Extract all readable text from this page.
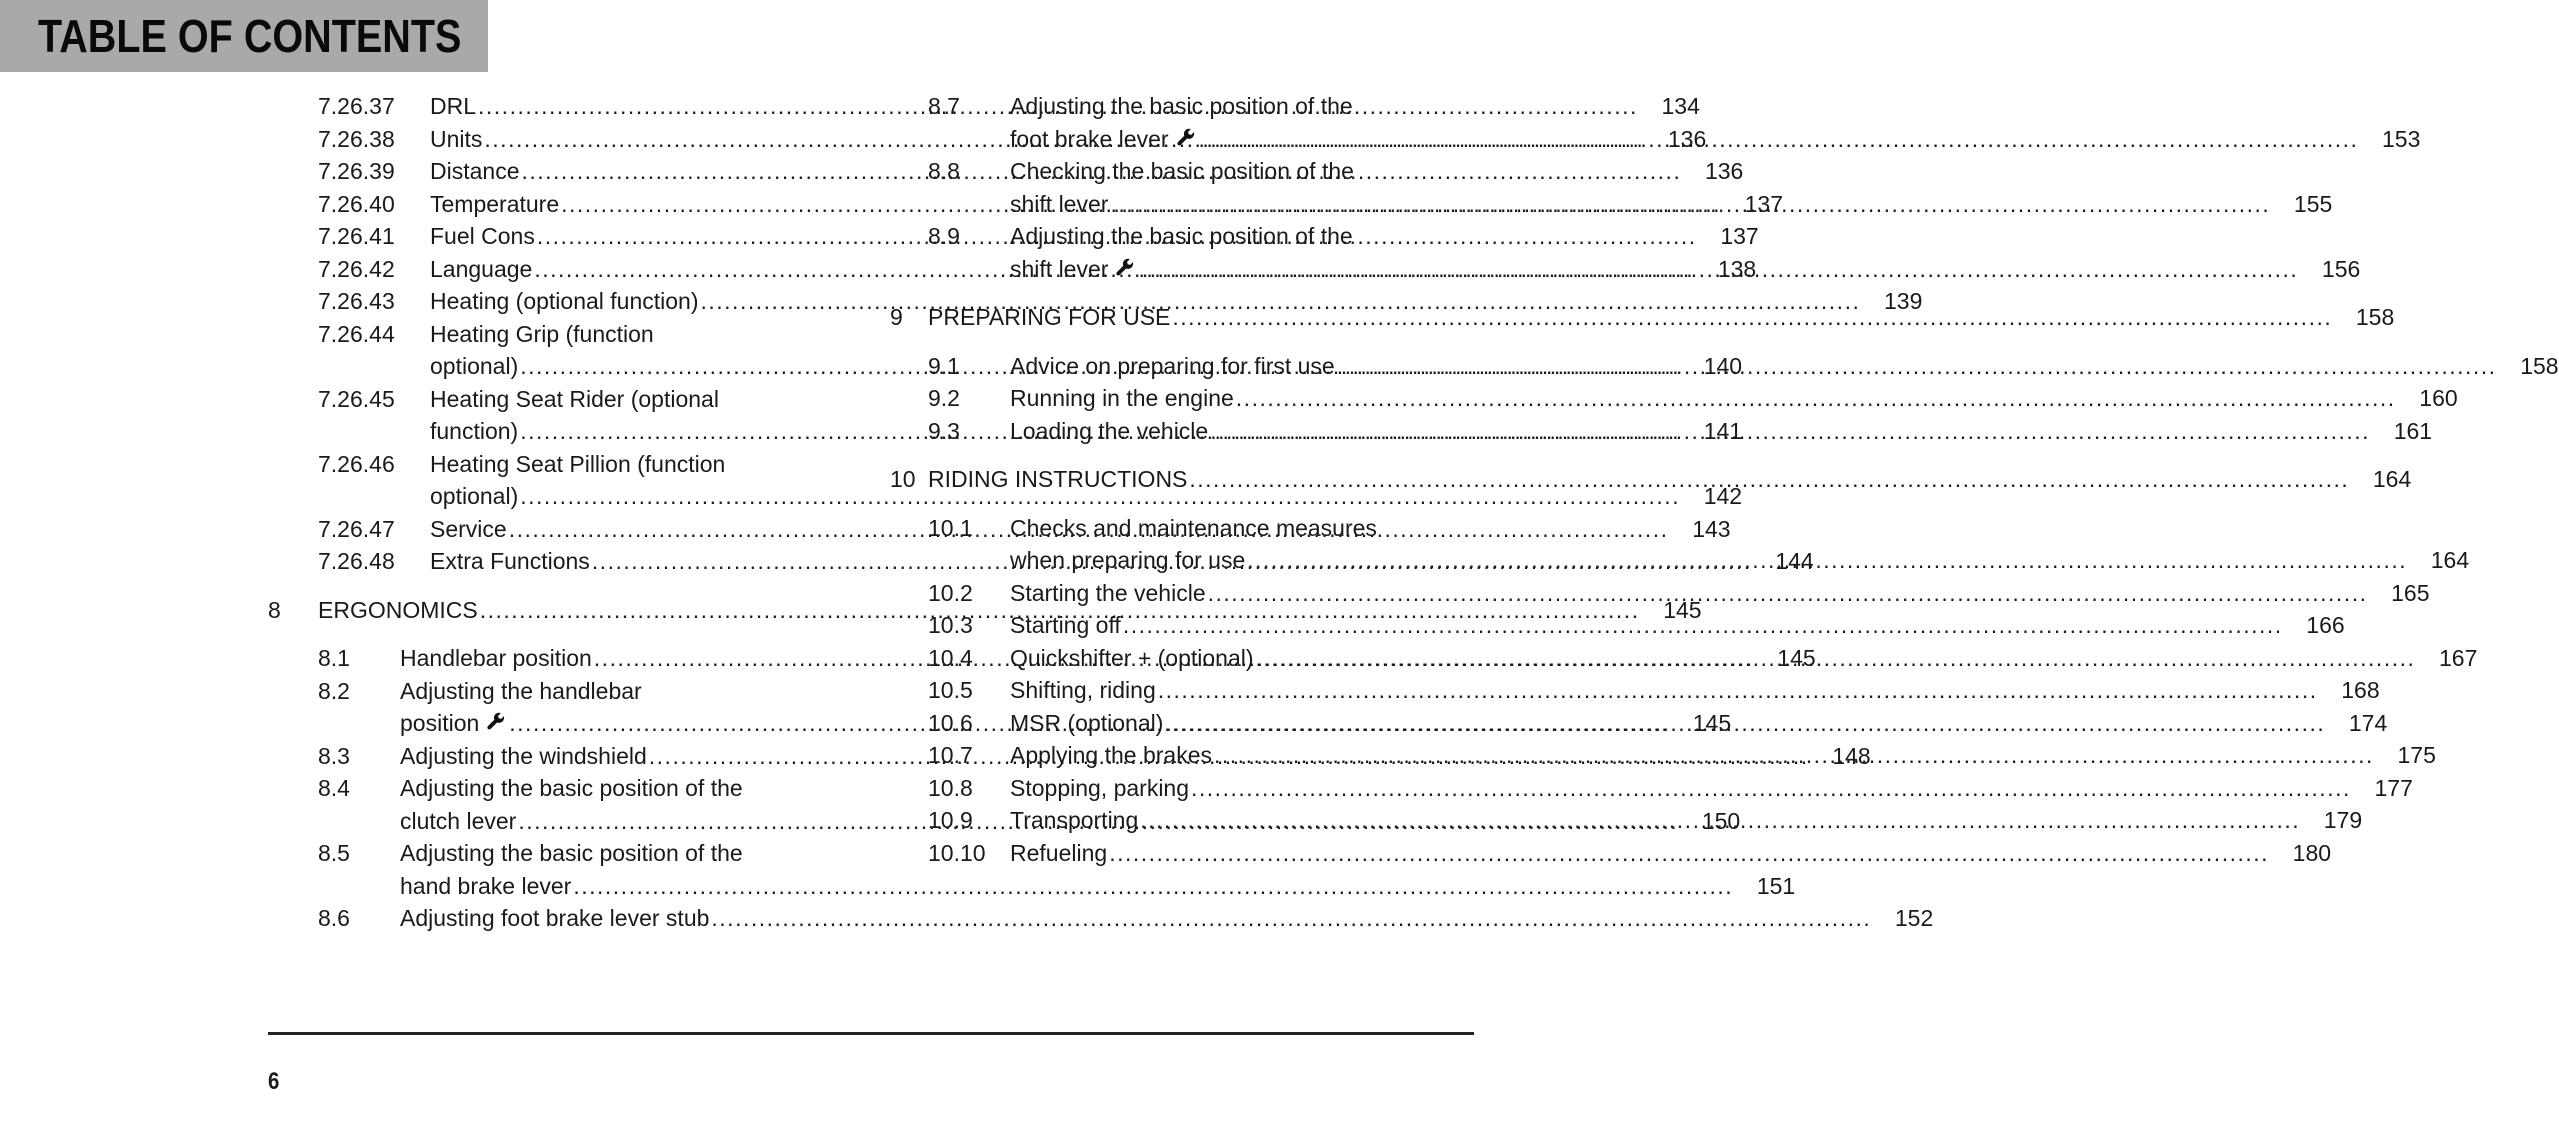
TABLE OF CONTENTS
7.26.37	DRL .....	134
7.26.38	Units .....	136
7.26.39	Distance .....	136
7.26.40	Temperature .....	137
7.26.41	Fuel Cons .....	137
7.26.42	Language .....	138
7.26.43	Heating (optional function) .....	139
7.26.44	Heating Grip (function
optional) .....	140
7.26.45	Heating Seat Rider (optional
function) .....	141
7.26.46	Heating Seat Pillion (function
optional) .....	142
7.26.47	Service .....	143
7.26.48	Extra Functions .....	144
8	ERGONOMICS .....	145
8.1	Handlebar position .....	145
8.2	Adjusting the handlebar
position .....	145
8.3	Adjusting the windshield .....	148
8.4	Adjusting the basic position of the
clutch lever .....	150
8.5	Adjusting the basic position of the
hand brake lever .....	151
8.6	Adjusting foot brake lever stub .....	152
8.7	Adjusting the basic position of the
foot brake lever .....	153
8.8	Checking the basic position of the
shift lever .....	155
8.9	Adjusting the basic position of the
shift lever .....	156
9	PREPARING FOR USE .....	158
9.1	Advice on preparing for first use .....	158
9.2	Running in the engine .....	160
9.3	Loading the vehicle .....	161
10 RIDING INSTRUCTIONS .....	164
10.1	Checks and maintenance measures
when preparing for use .....	164
10.2	Starting the vehicle .....	165
10.3	Starting off .....	166
10.4	Quickshifter + (optional) .....	167
10.5	Shifting, riding .....	168
10.6	MSR (optional) .....	174
10.7	Applying the brakes .....	175
10.8	Stopping, parking .....	177
10.9	Transporting .....	179
10.10	Refueling .....	180
6
